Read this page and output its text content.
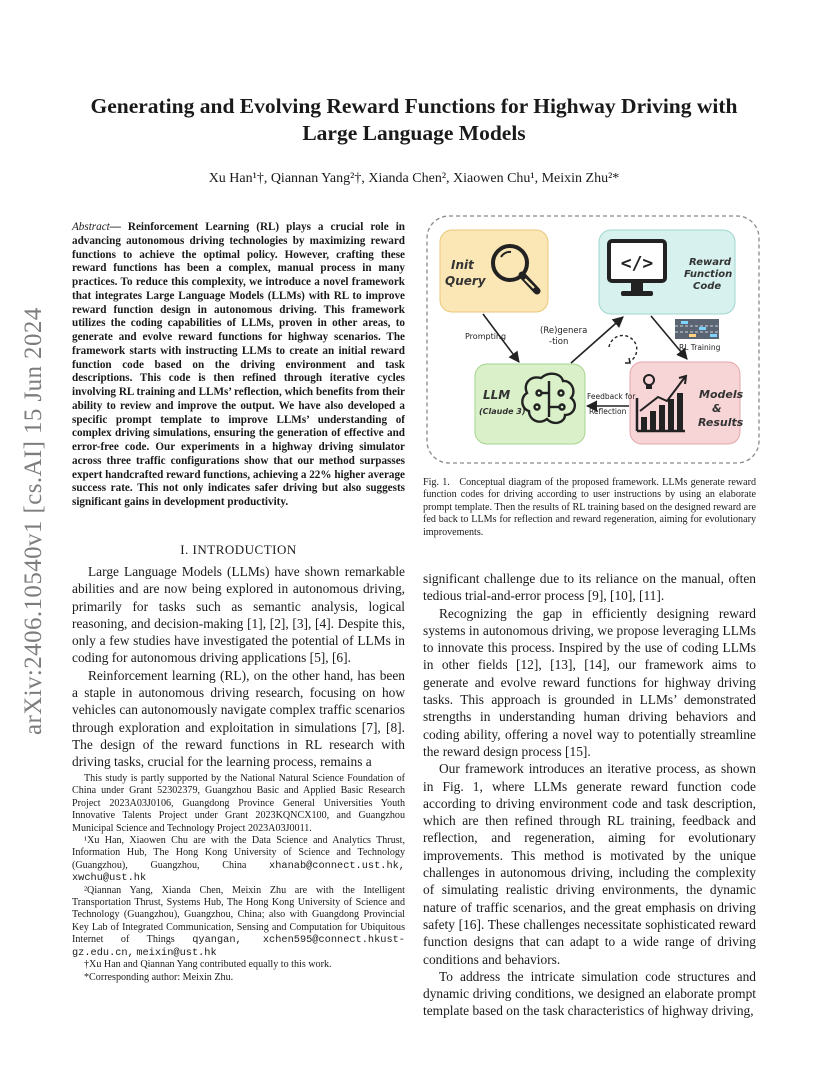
arXiv:2406.10540v1 [cs.AI] 15 Jun 2024
Generating and Evolving Reward Functions for Highway Driving with
Large Language Models
Xu Han¹†, Qiannan Yang²†, Xianda Chen², Xiaowen Chu¹, Meixin Zhu²*
Abstract— Reinforcement Learning (RL) plays a crucial role in advancing autonomous driving technologies by maximizing reward functions to achieve the optimal policy. However, crafting these reward functions has been a complex, manual process in many practices. To reduce this complexity, we introduce a novel framework that integrates Large Language Models (LLMs) with RL to improve reward function design in autonomous driving. This framework utilizes the coding capabilities of LLMs, proven in other areas, to generate and evolve reward functions for highway scenarios. The framework starts with instructing LLMs to create an initial reward function code based on the driving environment and task descriptions. This code is then refined through iterative cycles involving RL training and LLMs’ reflection, which benefits from their ability to review and improve the output. We have also developed a specific prompt template to improve LLMs’ understanding of complex driving simulations, ensuring the generation of effective and error-free code. Our experiments in a highway driving simulator across three traffic configurations show that our method surpasses expert handcrafted reward functions, achieving a 22% higher average success rate. This not only indicates safer driving but also suggests significant gains in development productivity.
I. INTRODUCTION

Large Language Models (LLMs) have shown remarkable abilities and are now being explored in autonomous driving, primarily for tasks such as semantic analysis, logical reasoning, and decision-making [1], [2], [3], [4]. Despite this, only a few studies have investigated the potential of LLMs in coding for autonomous driving applications [5], [6].

Reinforcement learning (RL), on the other hand, has been a staple in autonomous driving research, focusing on how vehicles can autonomously navigate complex traffic scenarios through exploration and exploitation in simulations [7], [8]. The design of the reward functions in RL research with driving tasks, crucial for the learning process, remains a

This study is partly supported by the National Natural Science Foundation of China under Grant 52302379, Guangzhou Basic and Applied Basic Research Project 2023A03J0106, Guangdong Province General Universities Youth Innovative Talents Project under Grant 2023KQNCX100, and Guangzhou Municipal Science and Technology Project 2023A03J0011.

¹Xu Han, Xiaowen Chu are with the Data Science and Analytics Thrust, Information Hub, The Hong Kong University of Science and Technology (Guangzhou), Guangzhou, China xhanab@connect.ust.hk, xwchu@ust.hk

²Qiannan Yang, Xianda Chen, Meixin Zhu are with the Intelligent Transportation Thrust, Systems Hub, The Hong Kong University of Science and Technology (Guangzhou), Guangzhou, China; also with Guangdong Provincial Key Lab of Integrated Communication, Sensing and Computation for Ubiquitous Internet of Things qyangan, xchen595@connect.hkust-gz.edu.cn, meixin@ust.hk

†Xu Han and Qiannan Yang contributed equally to this work.

*Corresponding author: Meixin Zhu.

Init
Query
</>	Reward
Function
Code
LLM
(Claude 3)
Models
&
Results
Prompting
(Re)genera
-tion
RL Training
Feedback for
Reflection
Fig. 1. Conceptual diagram of the proposed framework. LLMs generate reward function codes for driving according to user instructions by using an elaborate prompt template. Then the results of RL training based on the designed reward are fed back to LLMs for reflection and reward regeneration, aiming for evolutionary improvements.

significant challenge due to its reliance on the manual, often tedious trial-and-error process [9], [10], [11].

Recognizing the gap in efficiently designing reward systems in autonomous driving, we propose leveraging LLMs to innovate this process. Inspired by the use of coding LLMs in other fields [12], [13], [14], our framework aims to generate and evolve reward functions for highway driving tasks. This approach is grounded in LLMs’ demonstrated strengths in understanding human driving behaviors and coding ability, offering a novel way to potentially streamline the reward design process [15].

Our framework introduces an iterative process, as shown in Fig. 1, where LLMs generate reward function code according to driving environment code and task description, which are then refined through RL training, feedback and reflection, and regeneration, aiming for evolutionary improvements. This method is motivated by the unique challenges in autonomous driving, including the complexity of simulating realistic driving environments, the dynamic nature of traffic scenarios, and the great emphasis on driving safety [16]. These challenges necessitate sophisticated reward function designs that can adapt to a wide range of driving conditions and behaviors.

To address the intricate simulation code structures and dynamic driving conditions, we designed an elaborate prompt template based on the task characteristics of highway driving,
